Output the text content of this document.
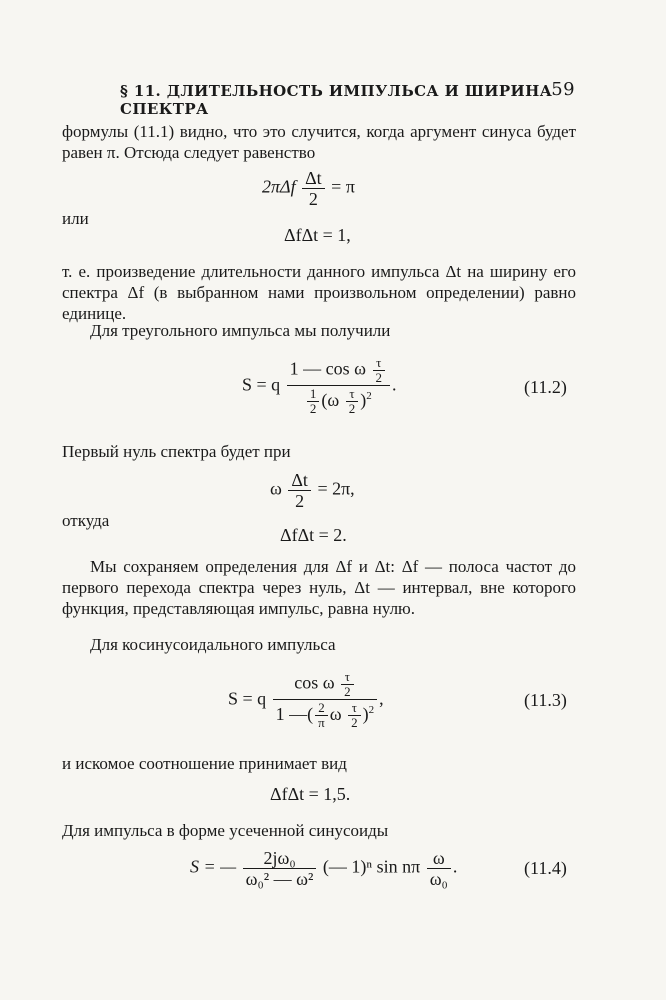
§ 11. ДЛИТЕЛЬНОСТЬ ИМПУЛЬСА И ШИРИНА СПЕКТРА
59
формулы (11.1) видно, что это случится, когда аргумент синуса будет равен π. Отсюда следует равенство
$2\pi\Delta f \frac{\Delta t}{2} = \pi$
или
ΔfΔt = 1,
т. е. произведение длительности данного импульса Δt на ширину его спектра Δf (в выбранном нами произвольном определении) равно единице.
Для треугольного импульса мы получили
S = q
1 — cos ω $\frac{\tau}{2}$
$\frac{1}{2} (\omega \frac{\tau}{2} )^2$
.	(11.2)
Первый нуль спектра будет при
ω $\frac{\Delta t}{2} = 2\pi$,
откуда
ΔfΔt = 2.
Мы сохраняем определения для Δf и Δt: Δf — полоса частот до первого перехода спектра через нуль, Δt — интервал, вне которого функция, представляющая импульс, равна нулю.
Для косинусоидального импульса
S = q
cos ω $\frac{\tau}{2}$
1 —( $\frac{2}{\pi}$ ω $\frac{\tau}{2} )^2$
,	(11.3)
и искомое соотношение принимает вид
ΔfΔt = 1,5.
Для импульса в форме усеченной синусоиды
S = — $\frac{\text{2jω₀}}{\text{ω₀² — ω²}}$ (— 1)ⁿ sin nπ $\frac{\omega}{\text{ω₀}}$ .	(11.4)
